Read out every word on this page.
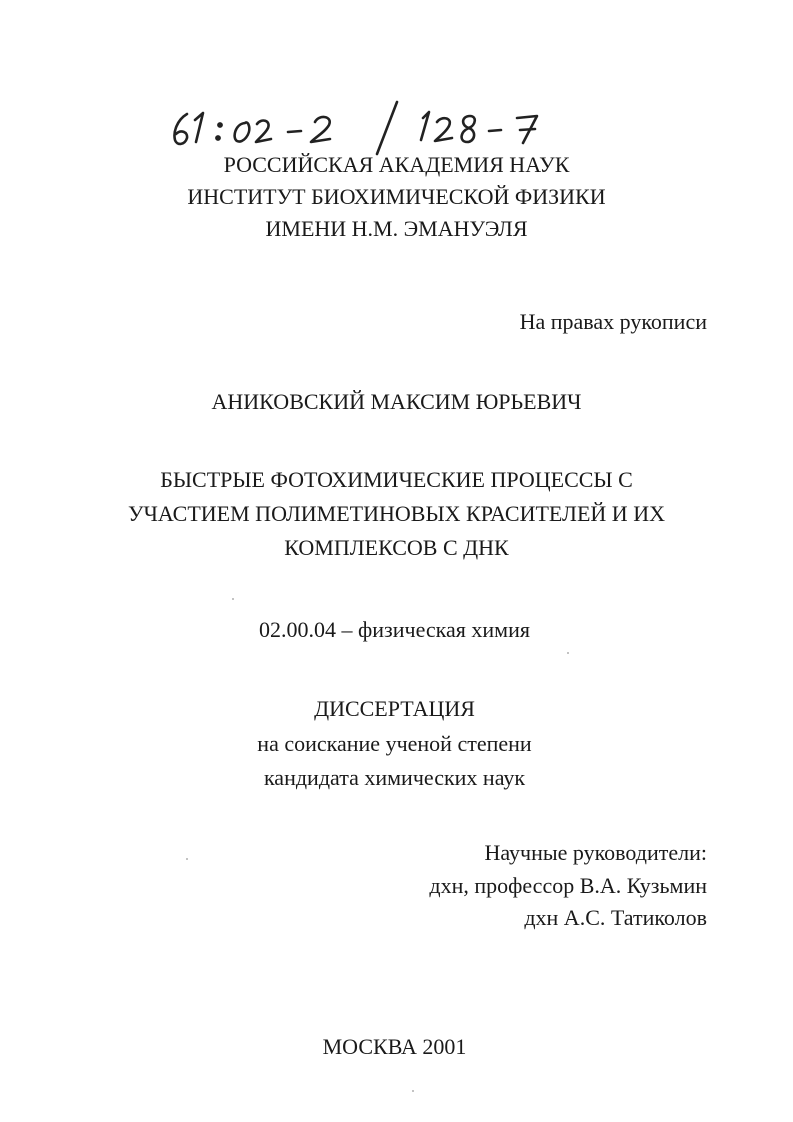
РОССИЙСКАЯ АКАДЕМИЯ НАУК
ИНСТИТУТ БИОХИМИЧЕСКОЙ ФИЗИКИ
ИМЕНИ Н.М. ЭМАНУЭЛЯ
На правах рукописи
АНИКОВСКИЙ МАКСИМ ЮРЬЕВИЧ
БЫСТРЫЕ ФОТОХИМИЧЕСКИЕ ПРОЦЕССЫ С
УЧАСТИЕМ ПОЛИМЕТИНОВЫХ КРАСИТЕЛЕЙ И ИХ
КОМПЛЕКСОВ С ДНК
02.00.04 – физическая химия
ДИССЕРТАЦИЯ
на соискание ученой степени
кандидата химических наук
Научные руководители:
дхн, профессор В.А. Кузьмин
дхн А.С. Татиколов
МОСКВА 2001
